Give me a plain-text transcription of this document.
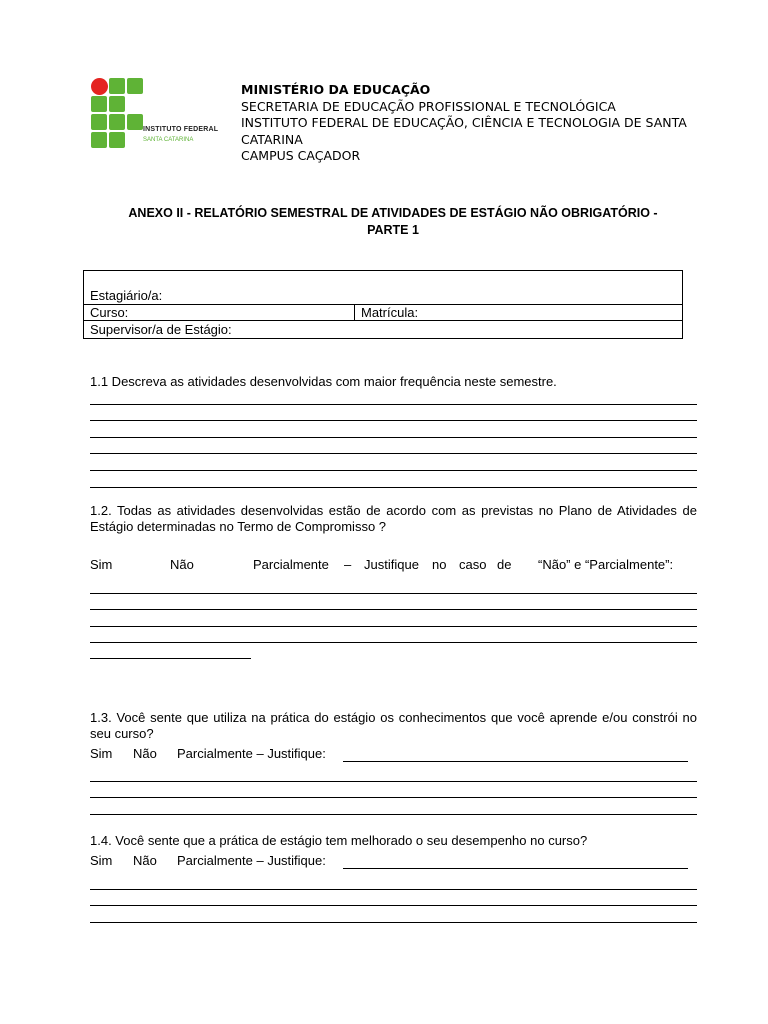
INSTITUTO FEDERAL
SANTA CATARINA
MINISTÉRIO DA EDUCAÇÃO
SECRETARIA DE EDUCAÇÃO PROFISSIONAL E TECNOLÓGICA
INSTITUTO FEDERAL DE EDUCAÇÃO, CIÊNCIA E TECNOLOGIA DE SANTA
CATARINA
CAMPUS CAÇADOR
ANEXO II - RELATÓRIO SEMESTRAL DE ATIVIDADES DE ESTÁGIO NÃO OBRIGATÓRIO -
PARTE 1
Estagiário/a:
Curso:	Matrícula:
Supervisor/a de Estágio:
1.1 Descreva as atividades desenvolvidas com maior frequência neste semestre.
1.2. Todas as atividades desenvolvidas estão de acordo com as previstas no Plano de Atividades de Estágio determinadas no Termo de Compromisso ?
Sim	Não	Parcialmente – Justifique no caso de “Não” e “Parcialmente”:
1.3. Você sente que utiliza na prática do estágio os conhecimentos que você aprende e/ou constrói no seu curso?
Sim Não Parcialmente – Justifique:
1.4. Você sente que a prática de estágio tem melhorado o seu desempenho no curso?
Sim Não Parcialmente – Justifique:
